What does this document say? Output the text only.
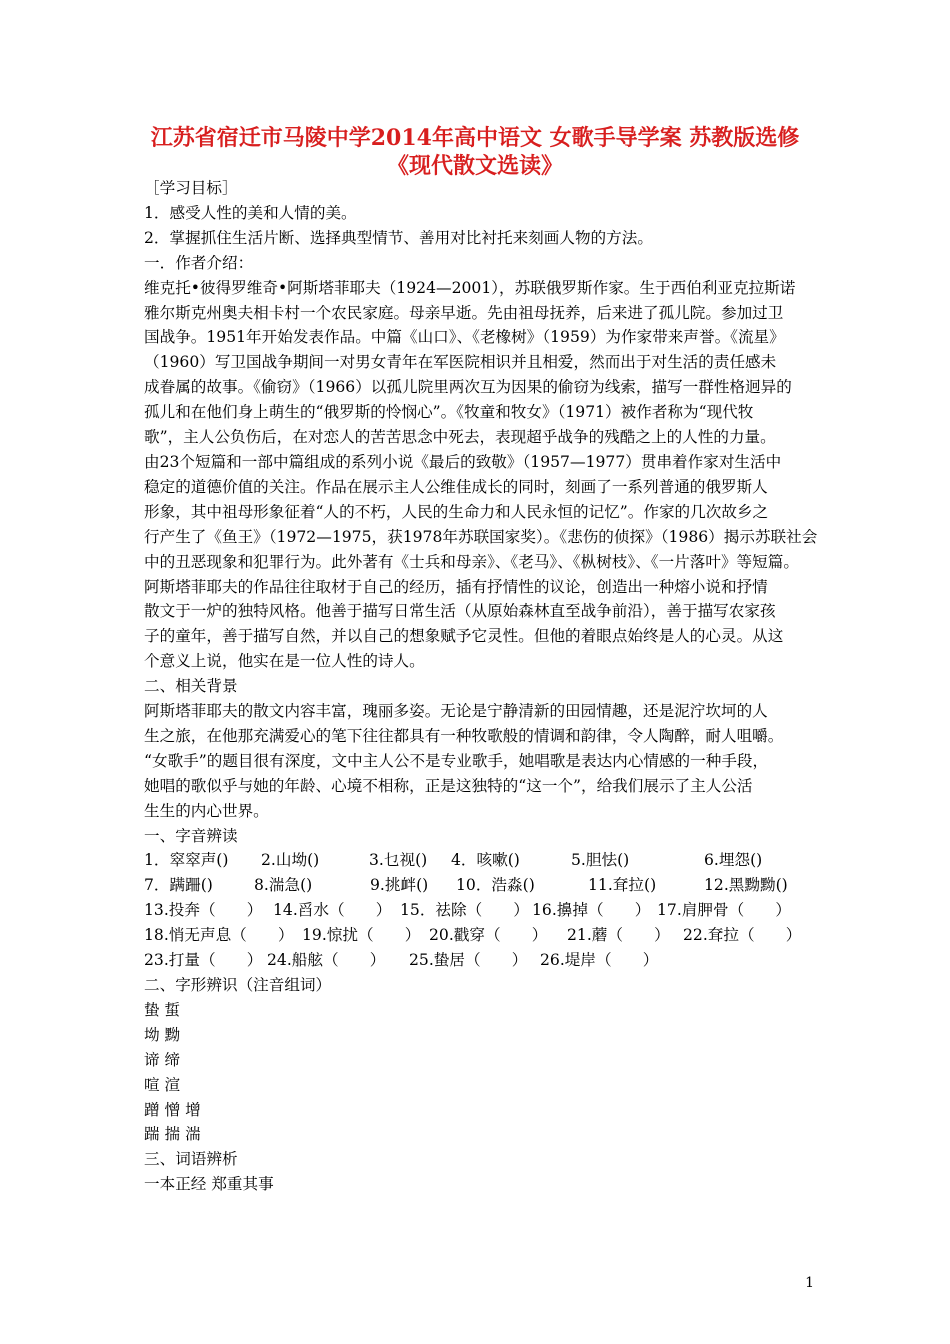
江苏省宿迁市马陵中学2014年高中语文 女歌手导学案 苏教版选修
《现代散文选读》

［学习目标］

1．感受人性的美和人情的美。

2．掌握抓住生活片断、选择典型情节、善用对比衬托来刻画人物的方法。

一．作者介绍：

维克托•彼得罗维奇•阿斯塔菲耶夫（1924—2001），苏联俄罗斯作家。生于西伯利亚克拉斯诺

雅尔斯克州奥夫相卡村一个农民家庭。母亲早逝。先由祖母抚养，后来进了孤儿院。参加过卫

国战争。1951年开始发表作品。中篇《山口》、《老橡树》（1959）为作家带来声誉。《流星》

（1960）写卫国战争期间一对男女青年在军医院相识并且相爱，然而出于对生活的责任感未

成眷属的故事。《偷窃》（1966）以孤儿院里两次互为因果的偷窃为线索，描写一群性格迥异的

孤儿和在他们身上萌生的“俄罗斯的怜悯心”。《牧童和牧女》（1971）被作者称为“现代牧

歌”，主人公负伤后，在对恋人的苦苦思念中死去，表现超乎战争的残酷之上的人性的力量。

由23个短篇和一部中篇组成的系列小说《最后的致敬》（1957—1977）贯串着作家对生活中

稳定的道德价值的关注。作品在展示主人公维佳成长的同时，刻画了一系列普通的俄罗斯人

形象，其中祖母形象征着“人的不朽，人民的生命力和人民永恒的记忆”。作家的几次故乡之

行产生了《鱼王》（1972—1975，获1978年苏联国家奖）。《悲伤的侦探》（1986）揭示苏联社会

中的丑恶现象和犯罪行为。此外著有《士兵和母亲》、《老马》、《枞树枝》、《一片落叶》等短篇。

阿斯塔菲耶夫的作品往往取材于自己的经历，插有抒情性的议论，创造出一种熔小说和抒情

散文于一炉的独特风格。他善于描写日常生活（从原始森林直至战争前沿），善于描写农家孩

子的童年，善于描写自然，并以自己的想象赋予它灵性。但他的着眼点始终是人的心灵。从这

个意义上说，他实在是一位人性的诗人。

二、相关背景

阿斯塔菲耶夫的散文内容丰富，瑰丽多姿。无论是宁静清新的田园情趣，还是泥泞坎坷的人

生之旅，在他那充满爱心的笔下往往都具有一种牧歌般的情调和韵律，令人陶醉，耐人咀嚼。

“女歌手”的题目很有深度，文中主人公不是专业歌手，她唱歌是表达内心情感的一种手段，

她唱的歌似乎与她的年龄、心境不相称，正是这独特的“这一个”，给我们展示了主人公活

生生的内心世界。

一、字音辨读

1．窣窣声()	2.山坳()	3.乜视()	4．咳嗽()	5.胆怯()	6.埋怨()
7．蹒跚()	8.湍急()	9.挑衅()	10．浩淼()	11.耷拉()	12.黑黝黝()
13.投奔（　　） 14.舀水（　　） 15．祛除（　　） 16.擤掉（　　） 17.肩胛骨（　　）
18.悄无声息（　　） 19.惊扰（　　） 20.戳穿（　　）	21.蘑（　　） 22.耷拉（　　）
23.打量（　　） 24.船舷（　　）	25.蛰居（　　） 26.堤岸（　　）

二、字形辨识（注音组词）

蛰 蜇

坳 黝

谛 缔

喧 渲

蹭 憎 增

踹 揣 湍

三、词语辨析

一本正经 郑重其事

1
